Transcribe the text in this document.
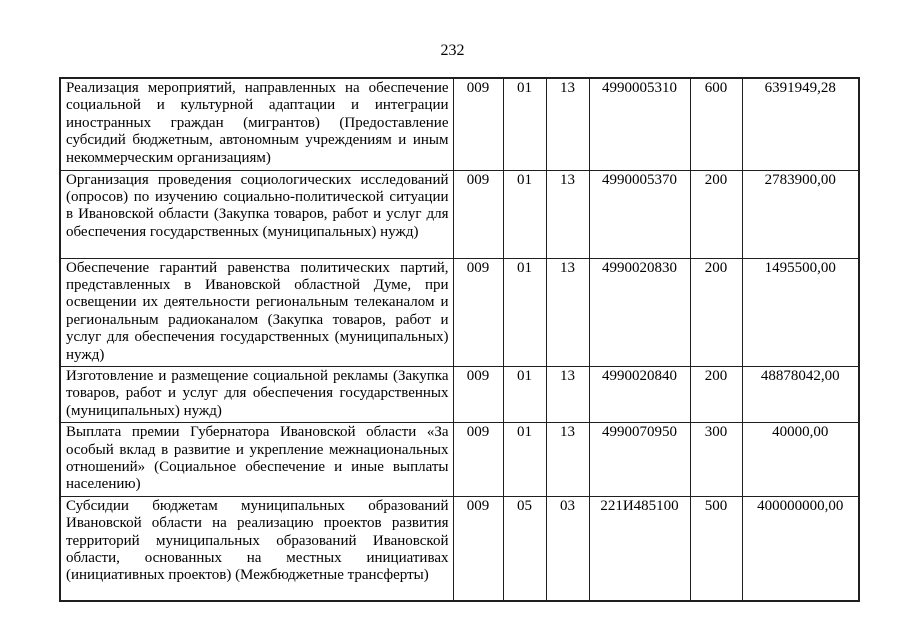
232
Реализация мероприятий, направленных на обеспечение социальной и культурной адаптации и интеграции иностранных граждан (мигрантов) (Предоставление субсидий бюджетным, автономным учреждениям и иным некоммерческим организациям)	009	01	13	4990005310	600	6391949,28
Организация проведения социологических исследований (опросов) по изучению социально-политической ситуации в Ивановской области (Закупка товаров, работ и услуг для обеспечения государственных (муниципальных) нужд)	009	01	13	4990005370	200	2783900,00
Обеспечение гарантий равенства политических партий, представленных в Ивановской областной Думе, при освещении их деятельности региональным телеканалом и региональным радиоканалом (Закупка товаров, работ и услуг для обеспечения государственных (муниципальных) нужд)	009	01	13	4990020830	200	1495500,00
Изготовление и размещение социальной рекламы (Закупка товаров, работ и услуг для обеспечения государственных (муниципальных) нужд)	009	01	13	4990020840	200	48878042,00
Выплата премии Губернатора Ивановской области «За особый вклад в развитие и укрепление межнациональных отношений» (Социальное обеспечение и иные выплаты населению)	009	01	13	4990070950	300	40000,00
Субсидии бюджетам муниципальных образований Ивановской области на реализацию проектов развития территорий муниципальных образований Ивановской области, основанных на местных инициативах (инициативных проектов) (Межбюджетные трансферты)	009	05	03	221И485100	500	400000000,00
